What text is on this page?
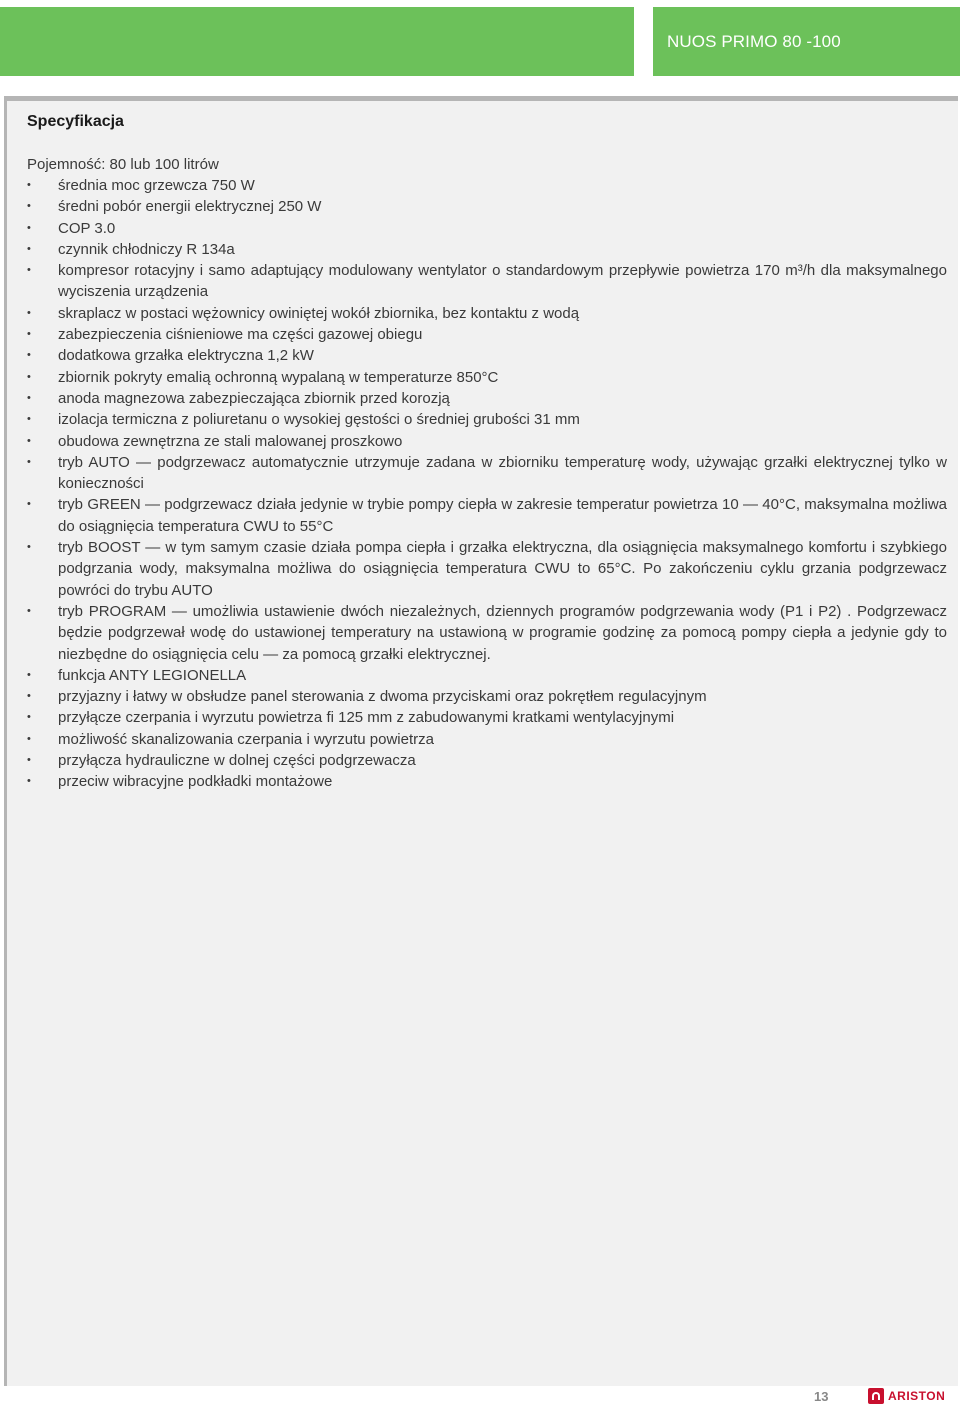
NUOS PRIMO 80 -100
Specyfikacja
Pojemność: 80 lub 100 litrów
• średnia moc grzewcza 750 W
• średni pobór energii elektrycznej 250 W
• COP 3.0
• czynnik chłodniczy R 134a
• kompresor rotacyjny i samo adaptujący modulowany wentylator o standardowym przepływie powietrza 170 m³/h dla maksymalnego wyciszenia urządzenia
• skraplacz w postaci wężownicy owiniętej wokół zbiornika, bez kontaktu z wodą
• zabezpieczenia ciśnieniowe ma części gazowej obiegu
• dodatkowa grzałka elektryczna 1,2 kW
• zbiornik pokryty emalią ochronną wypalaną w temperaturze 850°C
• anoda magnezowa zabezpieczająca zbiornik przed korozją
• izolacja termiczna z poliuretanu o wysokiej gęstości o średniej grubości 31 mm
• obudowa zewnętrzna ze stali malowanej proszkowo
• tryb AUTO — podgrzewacz automatycznie utrzymuje zadana w zbiorniku temperaturę wody, używając grzałki elektrycznej tylko w konieczności
• tryb GREEN — podgrzewacz działa jedynie w trybie pompy ciepła w zakresie temperatur powietrza 10 — 40°C, maksymalna możliwa do osiągnięcia temperatura CWU to 55°C
• tryb BOOST — w tym samym czasie działa pompa ciepła i grzałka elektryczna, dla osiągnięcia maksymalnego komfortu i szybkiego podgrzania wody, maksymalna możliwa do osiągnięcia temperatura CWU to 65°C. Po zakończeniu cyklu grzania podgrzewacz powróci do trybu AUTO
• tryb PROGRAM — umożliwia ustawienie dwóch niezależnych, dziennych programów podgrzewania wody (P1 i P2) . Podgrzewacz będzie podgrzewał wodę do ustawionej temperatury na ustawioną w programie godzinę za pomocą pompy ciepła a jedynie gdy to niezbędne do osiągnięcia celu — za pomocą grzałki elektrycznej.
• funkcja ANTY LEGIONELLA
• przyjazny i łatwy w obsłudze panel sterowania z dwoma przyciskami oraz pokrętłem regulacyjnym
• przyłącze czerpania i wyrzutu powietrza fi 125 mm z zabudowanymi kratkami wentylacyjnymi
• możliwość skanalizowania czerpania i wyrzutu powietrza
• przyłącza hydrauliczne w dolnej części podgrzewacza
• przeciw wibracyjne podkładki montażowe
13	ARISTON
